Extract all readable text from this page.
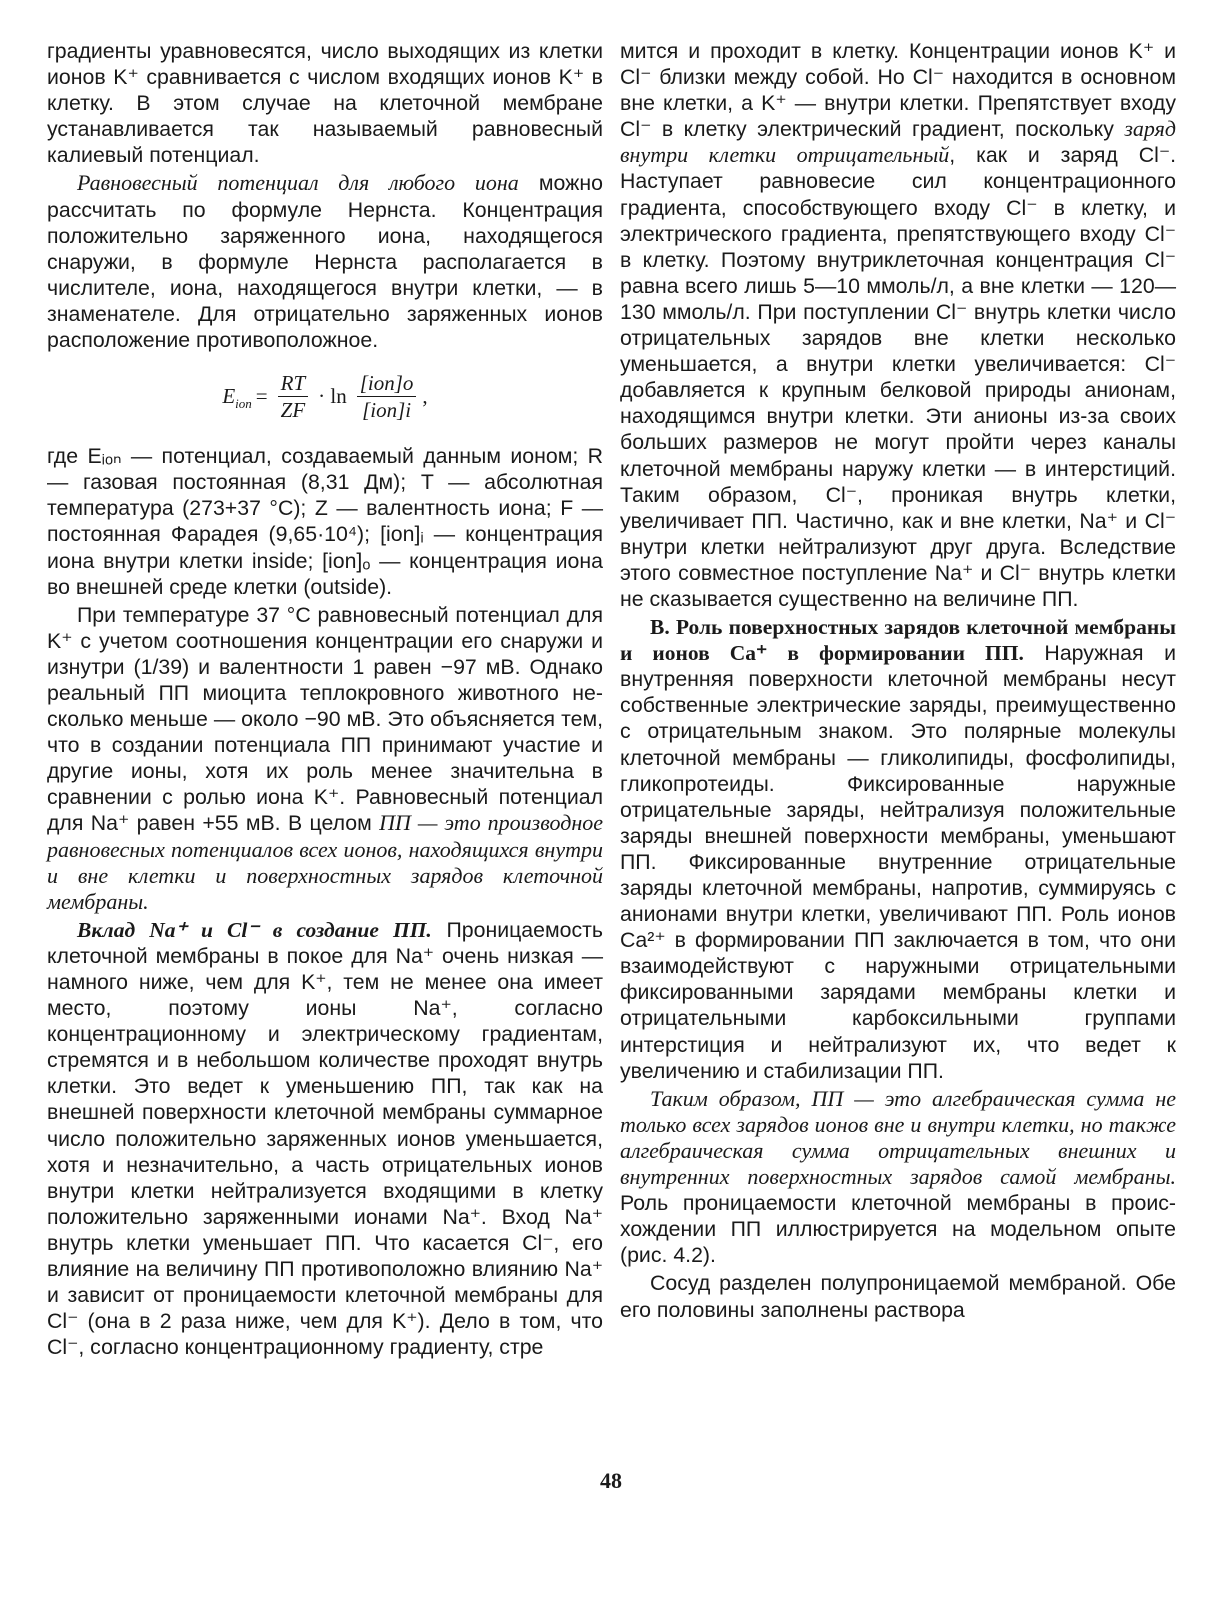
градиенты уравновесятся, число выходящих из клетки ионов K⁺ сравнивается с числом входящих ионов K⁺ в клетку. В этом случае на клеточной мембране устанавливается так называемый равновесный калиевый потенциал.

Равновесный потенциал для любого иона можно рассчитать по формуле Нернста. Концентрация положительно заряженного иона, находящегося снаружи, в формуле Нернста располагается в числителе, иона, находящегося внутри клетки, — в знаменателе. Для отрицательно заряженных ионов расположение противоположное.

$E_{ion} = \frac{RT}{ZF} \cdot \ln \frac{\text{[ion]o}}{\text{[ion]i}}$ ,

где Eᵢₒₙ — потенциал, создаваемый данным ионом; R — газовая постоянная (8,31 Дм); T — абсолютная температура (273+37 °C); Z — валентность иона; F — постоянная Фарадея (9,65·10⁴); [ion]ᵢ — концентрация иона внутри клетки inside; [ion]ₒ — концентрация иона во внешней среде клетки (outside).

При температуре 37 °C равновесный потенциал для K⁺ с учетом соотношения концентрации его снаружи и изнутри (1/39) и валентности 1 равен −97 мВ. Однако реальный ПП миоцита теплокровного животного несколько меньше — около −90 мВ. Это объясняется тем, что в создании потенциала ПП принимают участие и другие ионы, хотя их роль менее значительна в сравнении с ролью иона K⁺. Равновесный потенциал для Na⁺ равен +55 мВ. В целом ПП — это производное равновесных потенциалов всех ионов, находящихся внутри и вне клетки и поверхностных зарядов клеточной мембраны.

Вклад Na⁺ и Cl⁻ в создание ПП. Проницаемость клеточной мембраны в покое для Na⁺ очень низкая — намного ниже, чем для K⁺, тем не менее она имеет место, поэтому ионы Na⁺, согласно концентрационному и электрическому градиентам, стремятся и в небольшом количестве проходят внутрь клетки. Это ведет к уменьшению ПП, так как на внешней поверхности клеточной мембраны суммарное число положительно заряженных ионов уменьшается, хотя и незначительно, а часть отрицательных ионов внутри клетки нейтрализуется входящими в клетку положительно заряженными ионами Na⁺. Вход Na⁺ внутрь клетки уменьшает ПП. Что касается Cl⁻, его влияние на величину ПП противоположно влиянию Na⁺ и зависит от проницаемости клеточной мембраны для Cl⁻ (она в 2 раза ниже, чем для K⁺). Дело в том, что Cl⁻, согласно концентрационному градиенту, стре

мится и проходит в клетку. Концентрации ионов K⁺ и Cl⁻ близки между собой. Но Cl⁻ находится в основном вне клетки, а K⁺ — внутри клетки. Препятствует входу Cl⁻ в клетку электрический градиент, поскольку заряд внутри клетки отрицательный, как и заряд Cl⁻. Наступает равновесие сил концентрационного градиента, способствующего входу Cl⁻ в клетку, и электрического градиента, препятствующего входу Cl⁻ в клетку. Поэтому внутриклеточная концентрация Cl⁻ равна всего лишь 5—10 ммоль/л, а вне клетки — 120—130 ммоль/л. При поступлении Cl⁻ внутрь клетки число отрицательных зарядов вне клетки несколько уменьшается, а внутри клетки увеличивается: Cl⁻ добавляется к крупным белковой природы анионам, находящимся внутри клетки. Эти анионы из-за своих больших размеров не могут пройти через каналы клеточной мембраны наружу клетки — в интерстиций. Таким образом, Cl⁻, проникая внутрь клетки, увеличивает ПП. Частично, как и вне клетки, Na⁺ и Cl⁻ внутри клетки нейтрализуют друг друга. Вследствие этого совместное поступление Na⁺ и Cl⁻ внутрь клетки не сказывается существенно на величине ПП.

В. Роль поверхностных зарядов клеточной мембраны и ионов Ca⁺ в формировании ПП. Наружная и внутренняя поверхности клеточной мембраны несут собственные электрические заряды, преимущественно с отрицательным знаком. Это полярные молекулы клеточной мембраны — гликолипиды, фосфолипиды, гликопротеиды. Фиксированные наружные отрицательные заряды, нейтрализуя положительные заряды внешней поверхности мембраны, уменьшают ПП. Фиксированные внутренние отрицательные заряды клеточной мембраны, напротив, суммируясь с анионами внутри клетки, увеличивают ПП. Роль ионов Ca²⁺ в формировании ПП заключается в том, что они взаимодействуют с наружными отрицательными фиксированными зарядами мембраны клетки и отрицательными карбоксильными группами интерстиция и нейтрализуют их, что ведет к увеличению и стабилизации ПП.

Таким образом, ПП — это алгебраическая сумма не только всех зарядов ионов вне и внутри клетки, но также алгебраическая сумма отрицательных внешних и внутренних поверхностных зарядов самой мембраны. Роль проницаемости клеточной мембраны в происхождении ПП иллюстрируется на модельном опыте (рис. 4.2).

Сосуд разделен полупроницаемой мембраной. Обе его половины заполнены раствора

48
